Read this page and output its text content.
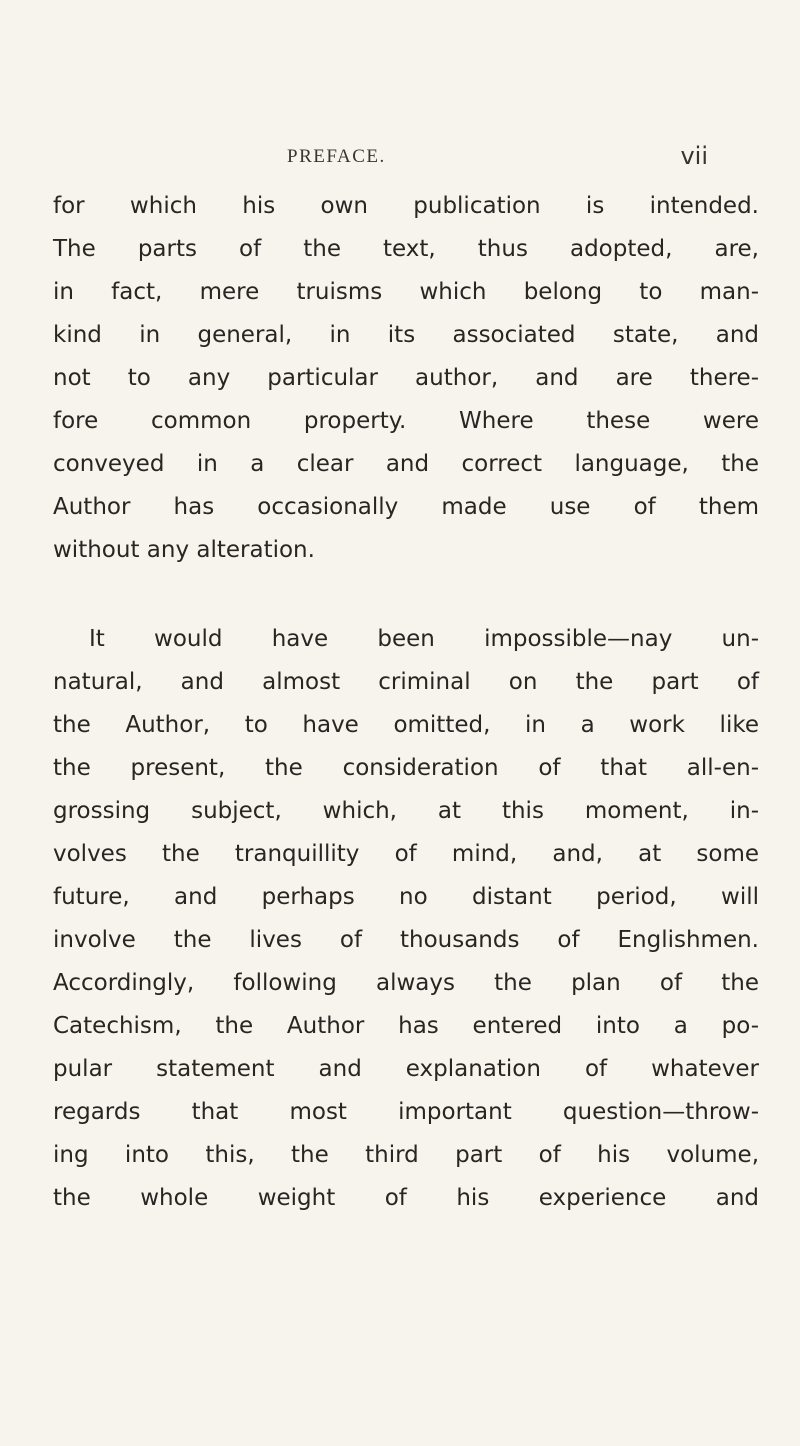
PREFACE.	vii
for which his own publication is intended.
The parts of the text, thus adopted, are,
in fact, mere truisms which belong to man-
kind in general, in its associated state, and
not to any particular author, and are there-
fore common property. Where these were
conveyed in a clear and correct language, the
Author has occasionally made use of them
without any alteration.
It would have been impossible—nay un-
natural, and almost criminal on the part of
the Author, to have omitted, in a work like
the present, the consideration of that all-en-
grossing subject, which, at this moment, in-
volves the tranquillity of mind, and, at some
future, and perhaps no distant period, will
involve the lives of thousands of Englishmen.
Accordingly, following always the plan of the
Catechism, the Author has entered into a po-
pular statement and explanation of whatever
regards that most important question—throw-
ing into this, the third part of his volume,
the whole weight of his experience and
